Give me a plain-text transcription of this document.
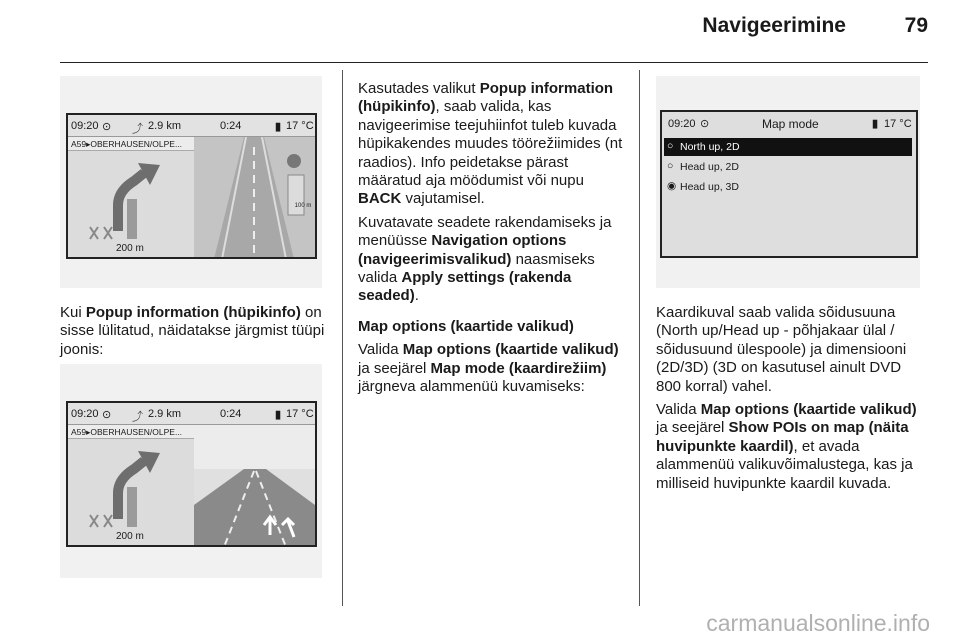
Navigeerimine	79
09:20 ⊙ ⤴ 2.9 km	0:24	▮ 17 °C
A59▸OBERHAUSEN/OLPE...
200 m
100 m

Kui Popup information (hüpikinfo) on sisse lülitatud, näidatakse järgmist tüüpi joonis:

09:20 ⊙ ⤴ 2.9 km	0:24	▮ 17 °C
A59▸OBERHAUSEN/OLPE...
200 m

Kasutades valikut Popup information (hüpikinfo), saab valida, kas navigeerimise teejuhiinfot tuleb kuvada hüpikakendes muudes töörežiimides (nt raadios). Info peidetakse pärast määratud aja möödumist või nupu BACK vajutamisel.

Kuvatavate seadete rakendamiseks ja menüüsse Navigation options (navigeerimisvalikud) naasmiseks valida Apply settings (rakenda seaded).

Map options (kaartide valikud)

Valida Map options (kaartide valikud) ja seejärel Map mode (kaardirežiim) järgneva alammenüü kuvamiseks:

09:20 ⊙	Map mode	▮ 17 °C
○ North up, 2D
○ Head up, 2D
◉ Head up, 3D

Kaardikuval saab valida sõidusuuna (North up/Head up - põhjakaar ülal / sõidusuund ülespoole) ja dimensiooni (2D/3D) (3D on kasutusel ainult DVD 800 korral) vahel.

Valida Map options (kaartide valikud) ja seejärel Show POIs on map (näita huvipunkte kaardil), et avada alammenüü valikuvõimalustega, kas ja milliseid huvipunkte kaardil kuvada.

carmanualsonline.info
